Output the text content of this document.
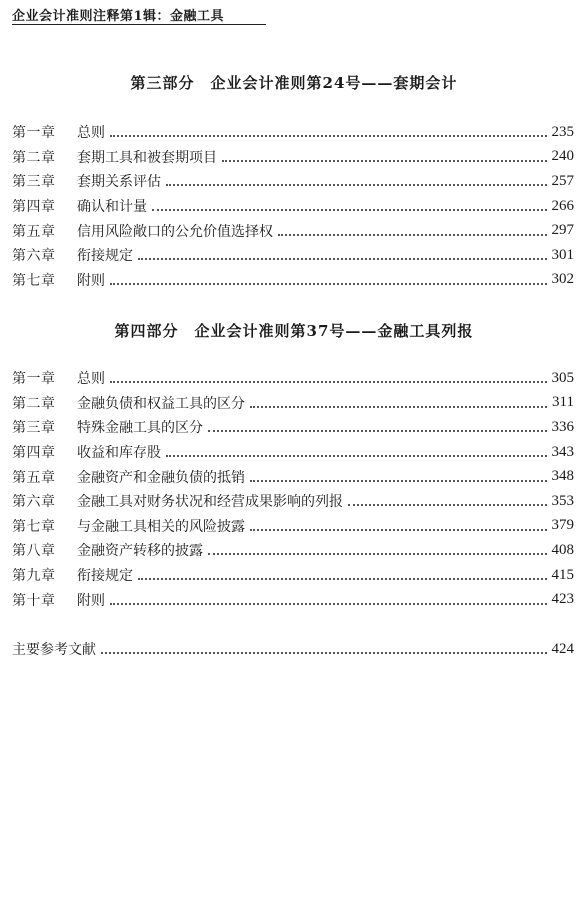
企业会计准则注释第1辑：金融工具
第三部分　企业会计准则第24号——套期会计
第一章	总则	235
第二章	套期工具和被套期项目	240
第三章	套期关系评估	257
第四章	确认和计量	266
第五章	信用风险敞口的公允价值选择权	297
第六章	衔接规定	301
第七章	附则	302
第四部分　企业会计准则第37号——金融工具列报
第一章	总则	305
第二章	金融负债和权益工具的区分	311
第三章	特殊金融工具的区分	336
第四章	收益和库存股	343
第五章	金融资产和金融负债的抵销	348
第六章	金融工具对财务状况和经营成果影响的列报	353
第七章	与金融工具相关的风险披露	379
第八章	金融资产转移的披露	408
第九章	衔接规定	415
第十章	附则	423
主要参考文献	424
